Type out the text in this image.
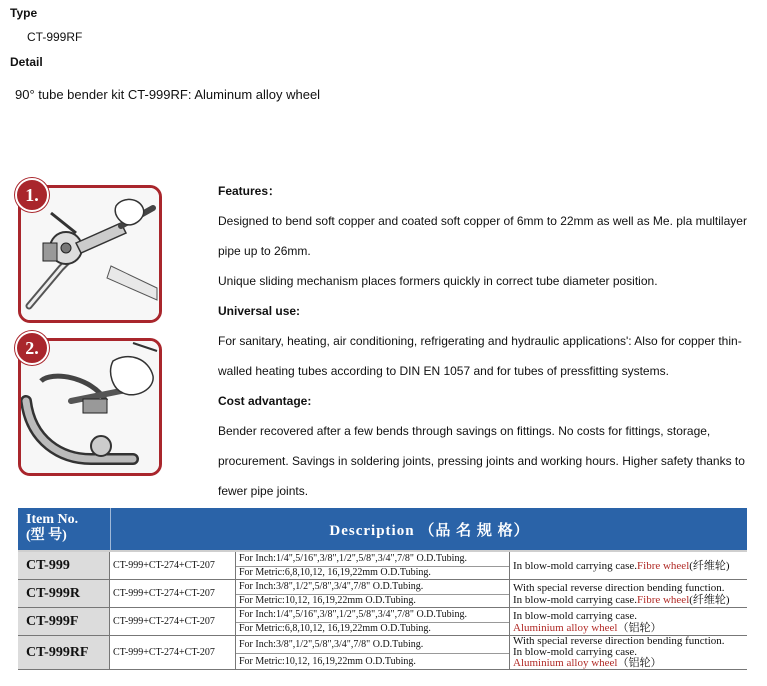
Type
CT-999RF
Detail
90° tube bender kit CT-999RF: Aluminum alloy wheel
1.
2.
Features：
Designed to bend soft copper and coated soft copper of 6mm to 22mm as well as Me. pla multilayer
pipe up to 26mm.
Unique sliding mechanism places formers quickly in correct tube diameter position.
Universal use:
For sanitary, heating, air conditioning, refrigerating and hydraulic applications': Also for copper thin-
walled heating tubes according to DIN EN 1057 and for tubes of pressfitting systems.
Cost advantage:
Bender recovered after a few bends through savings on fittings. No costs for fittings, storage,
procurement. Savings in soldering joints, pressing joints and working hours. Higher safety thanks to
fewer pipe joints.
Item No.
(型 号)	Description （品 名 规 格）
CT-999	CT-999+CT-274+CT-207
For Inch:1/4",5/16",3/8",1/2",5/8",3/4",7/8" O.D.Tubing.
For Metric:6,8,10,12, 16,19,22mm O.D.Tubing.
In blow-mold carrying case.Fibre wheel(纤维轮)
CT-999R	CT-999+CT-274+CT-207
For Inch:3/8",1/2",5/8",3/4",7/8" O.D.Tubing.
For Metric:10,12, 16,19,22mm O.D.Tubing.
With special reverse direction bending function.
In blow-mold carrying case.Fibre wheel(纤维轮)
CT-999F	CT-999+CT-274+CT-207
For Inch:1/4",5/16",3/8",1/2",5/8",3/4",7/8" O.D.Tubing.
For Metric:6,8,10,12, 16,19,22mm O.D.Tubing.
In blow-mold carrying case.
Aluminium alloy wheel（铝轮）
CT-999RF	CT-999+CT-274+CT-207
For Inch:3/8",1/2",5/8",3/4",7/8" O.D.Tubing.
For Metric:10,12, 16,19,22mm O.D.Tubing.
With special reverse direction bending function.
In blow-mold carrying case.
Aluminium alloy wheel（铝轮）
